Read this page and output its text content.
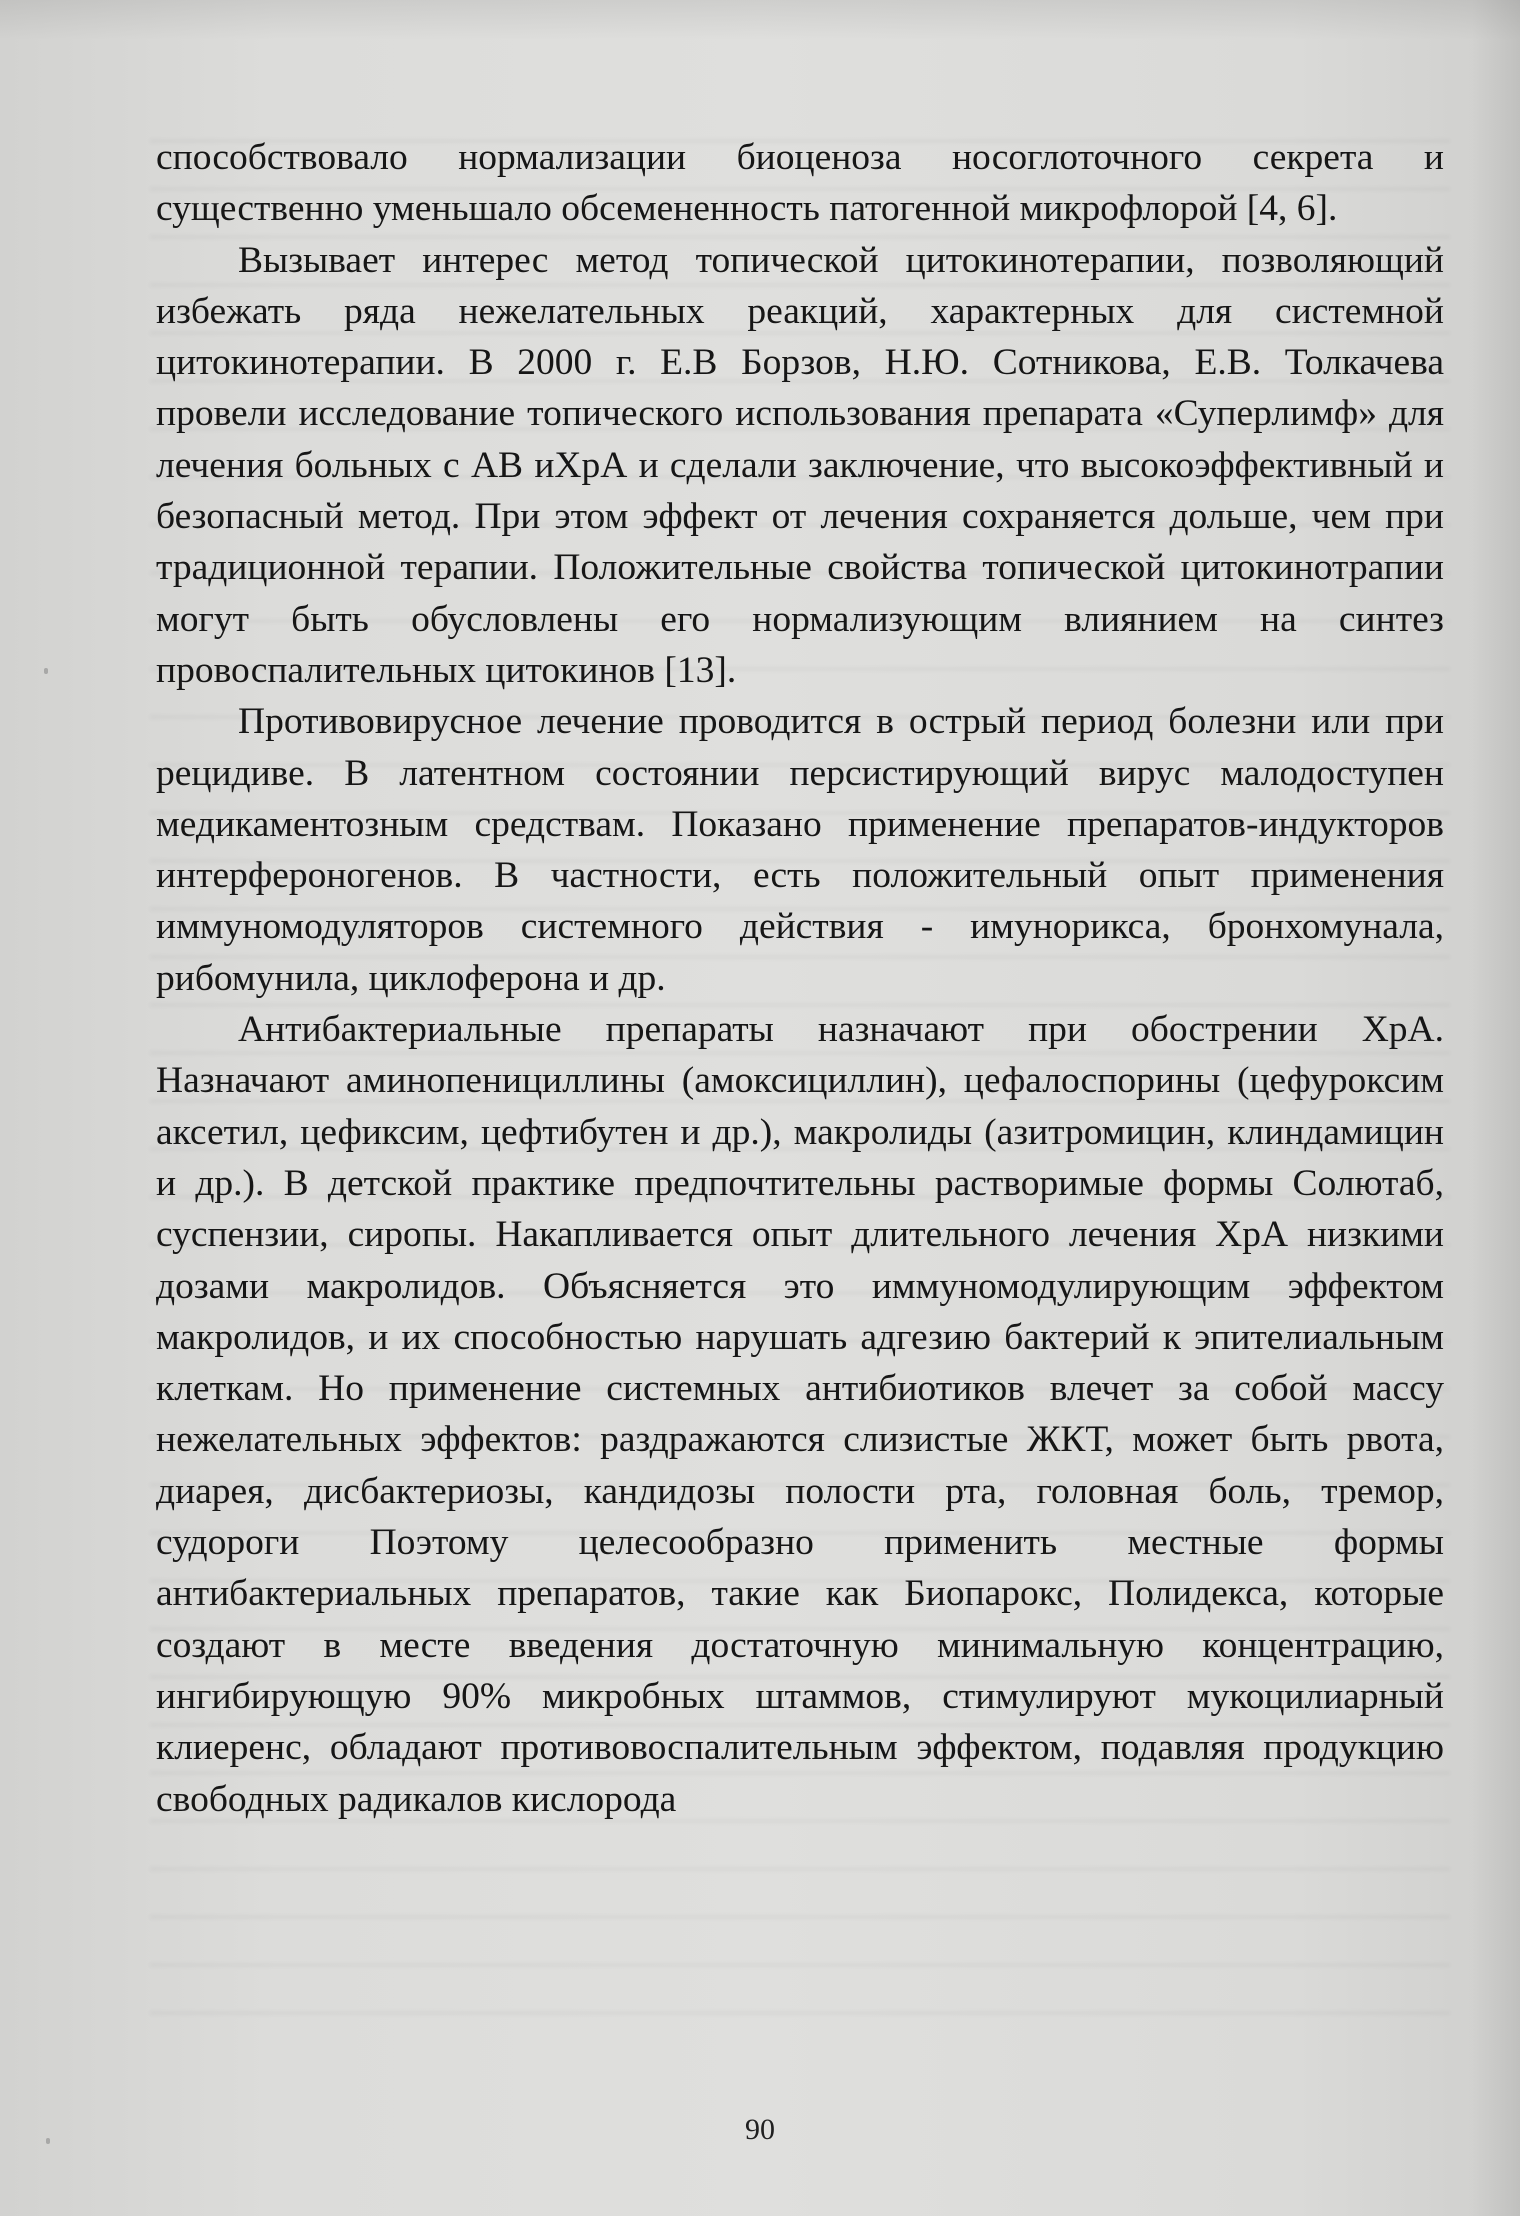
способствовало нормализации биоценоза носоглоточного секрета и существенно уменьшало обсемененность патогенной микрофлорой [4, 6].

Вызывает интерес метод топической цитокинотерапии, позволяющий избежать ряда нежелательных реакций, характерных для системной цитокинотерапии. В 2000 г. Е.В Борзов, Н.Ю. Сотникова, Е.В. Толкачева провели исследование топического использования препарата «Суперлимф» для лечения больных с АВ иХрА и сделали заключение, что высокоэффективный и безопасный метод. При этом эффект от лечения сохраняется дольше, чем при традиционной терапии. Положительные свойства топической цитокинотрапии могут быть обусловлены его нормализующим влиянием на синтез провоспалительных цитокинов [13].

Противовирусное лечение проводится в острый период болезни или при рецидиве. В латентном состоянии персистирующий вирус малодоступен медикаментозным средствам. Показано применение препаратов-индукторов интерфероногенов. В частности, есть положительный опыт применения иммуномодуляторов системного действия - имунорикса, бронхомунала, рибомунила, циклоферона и др.

Антибактериальные препараты назначают при обострении ХрА. Назначают аминопенициллины (амоксициллин), цефалоспорины (цефуроксим аксетил, цефиксим, цефтибутен и др.), макролиды (азитромицин, клиндамицин и др.). В детской практике предпочтительны растворимые формы Солютаб, суспензии, сиропы. Накапливается опыт длительного лечения ХрА низкими дозами макролидов. Объясняется это иммуномодулирующим эффектом макролидов, и их способностью нарушать адгезию бактерий к эпителиальным клеткам. Но применение системных антибиотиков влечет за собой массу нежелательных эффектов: раздражаются слизистые ЖКТ, может быть рвота, диарея, дисбактериозы, кандидозы полости рта, головная боль, тремор, судороги Поэтому целесообразно применить местные формы антибактериальных препаратов, такие как Биопарокс, Полидекса, которые создают в месте введения достаточную минимальную концентрацию, ингибирующую 90% микробных штаммов, стимулируют мукоцилиарный клиеренс, обладают противовоспалительным эффектом, подавляя продукцию свободных радикалов кислорода

90
